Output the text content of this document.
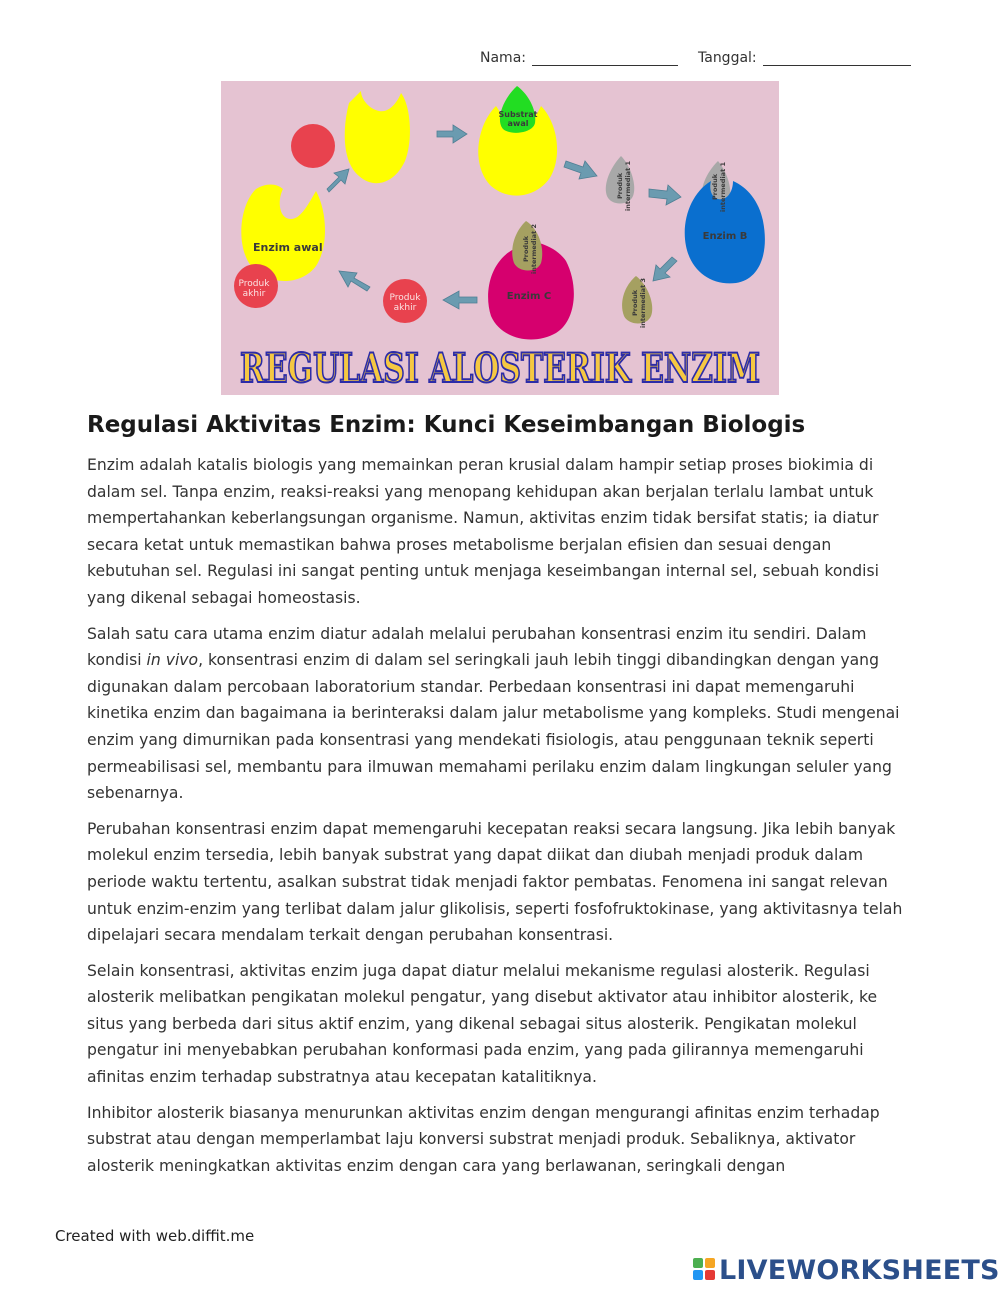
Nama:	Tanggal:
Enzim awal
Substrat
awal
Enzim B
Enzim C
Produk
akhir	Produk
akhir
Produk intermediat 1	Produk intermediat 1
Produk intermediat 2
Produk intermediat 3
REGULASI ALOSTERIK ENZIM
Regulasi Aktivitas Enzim: Kunci Keseimbangan Biologis

Enzim adalah katalis biologis yang memainkan peran krusial dalam hampir setiap proses biokimia di dalam sel. Tanpa enzim, reaksi-reaksi yang menopang kehidupan akan berjalan terlalu lambat untuk mempertahankan keberlangsungan organisme. Namun, aktivitas enzim tidak bersifat statis; ia diatur secara ketat untuk memastikan bahwa proses metabolisme berjalan efisien dan sesuai dengan kebutuhan sel. Regulasi ini sangat penting untuk menjaga keseimbangan internal sel, sebuah kondisi yang dikenal sebagai homeostasis.

Salah satu cara utama enzim diatur adalah melalui perubahan konsentrasi enzim itu sendiri. Dalam kondisi in vivo, konsentrasi enzim di dalam sel seringkali jauh lebih tinggi dibandingkan dengan yang digunakan dalam percobaan laboratorium standar. Perbedaan konsentrasi ini dapat memengaruhi kinetika enzim dan bagaimana ia berinteraksi dalam jalur metabolisme yang kompleks. Studi mengenai enzim yang dimurnikan pada konsentrasi yang mendekati fisiologis, atau penggunaan teknik seperti permeabilisasi sel, membantu para ilmuwan memahami perilaku enzim dalam lingkungan seluler yang sebenarnya.

Perubahan konsentrasi enzim dapat memengaruhi kecepatan reaksi secara langsung. Jika lebih banyak molekul enzim tersedia, lebih banyak substrat yang dapat diikat dan diubah menjadi produk dalam periode waktu tertentu, asalkan substrat tidak menjadi faktor pembatas. Fenomena ini sangat relevan untuk enzim-enzim yang terlibat dalam jalur glikolisis, seperti fosfofruktokinase, yang aktivitasnya telah dipelajari secara mendalam terkait dengan perubahan konsentrasi.

Selain konsentrasi, aktivitas enzim juga dapat diatur melalui mekanisme regulasi alosterik. Regulasi alosterik melibatkan pengikatan molekul pengatur, yang disebut aktivator atau inhibitor alosterik, ke situs yang berbeda dari situs aktif enzim, yang dikenal sebagai situs alosterik. Pengikatan molekul pengatur ini menyebabkan perubahan konformasi pada enzim, yang pada gilirannya memengaruhi afinitas enzim terhadap substratnya atau kecepatan katalitiknya.

Inhibitor alosterik biasanya menurunkan aktivitas enzim dengan mengurangi afinitas enzim terhadap substrat atau dengan memperlambat laju konversi substrat menjadi produk. Sebaliknya, aktivator alosterik meningkatkan aktivitas enzim dengan cara yang berlawanan, seringkali dengan

Created with web.diffit.me
LIVEWORKSHEETS
